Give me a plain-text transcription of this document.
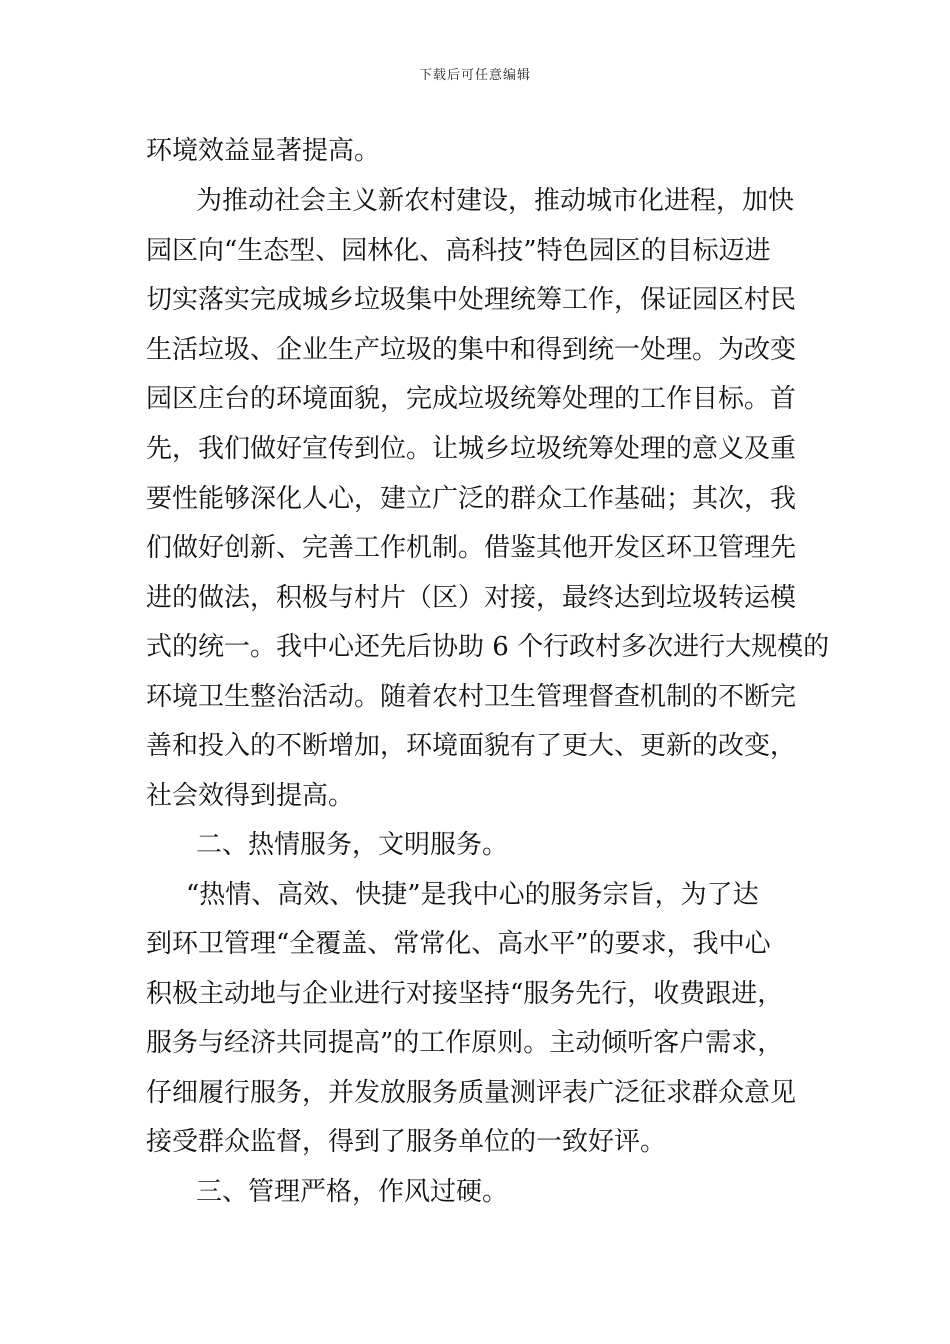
下载后可任意编辑
环境效益显著提高。
为推动社会主义新农村建设，推动城市化进程，加快
园区向“生态型、园林化、高科技”特色园区的目标迈进
切实落实完成城乡垃圾集中处理统筹工作，保证园区村民
生活垃圾、企业生产垃圾的集中和得到统一处理。为改变
园区庄台的环境面貌，完成垃圾统筹处理的工作目标。首
先，我们做好宣传到位。让城乡垃圾统筹处理的意义及重
要性能够深化人心，建立广泛的群众工作基础；其次，我
们做好创新、完善工作机制。借鉴其他开发区环卫管理先
进的做法，积极与村片（区）对接，最终达到垃圾转运模
式的统一。我中心还先后协助 6 个行政村多次进行大规模的
环境卫生整治活动。随着农村卫生管理督查机制的不断完
善和投入的不断增加，环境面貌有了更大、更新的改变，
社会效得到提高。
二、热情服务，文明服务。
“热情、高效、快捷”是我中心的服务宗旨，为了达
到环卫管理“全覆盖、常常化、高水平”的要求，我中心
积极主动地与企业进行对接坚持“服务先行，收费跟进，
服务与经济共同提高”的工作原则。主动倾听客户需求，
仔细履行服务，并发放服务质量测评表广泛征求群众意见
接受群众监督，得到了服务单位的一致好评。
三、管理严格，作风过硬。
